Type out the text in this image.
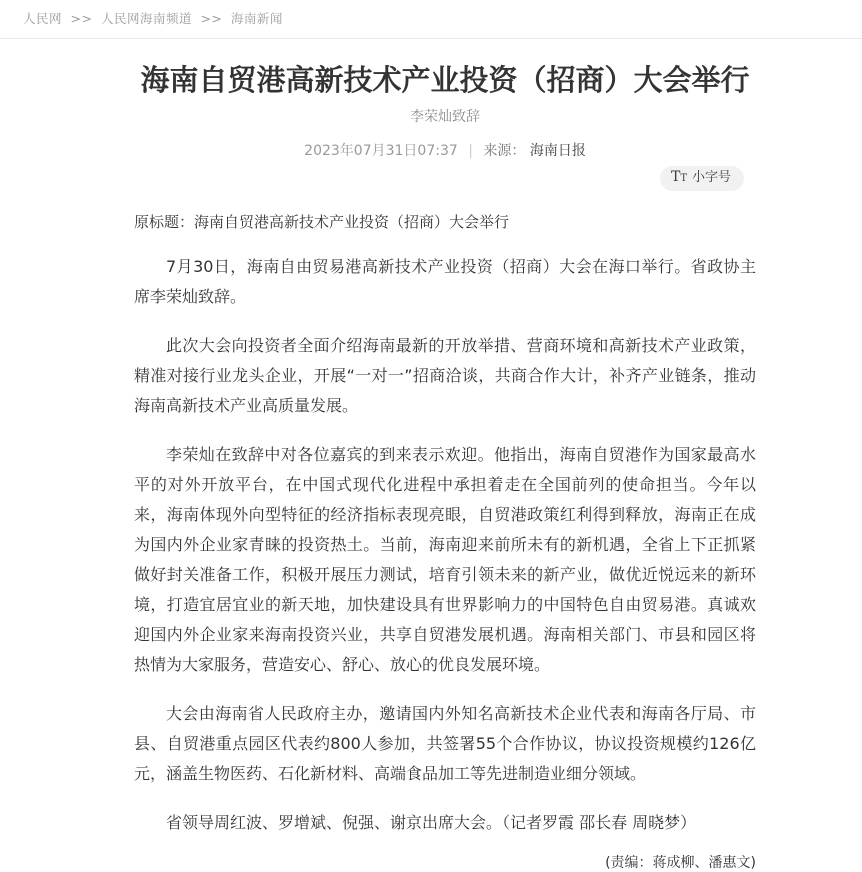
人民网 >> 人民网海南频道 >> 海南新闻
海南自贸港高新技术产业投资（招商）大会举行
李荣灿致辞
2023年07月31日07:37 | 来源： 海南日报
TT 小字号
原标题：海南自贸港高新技术产业投资（招商）大会举行

7月30日，海南自由贸易港高新技术产业投资（招商）大会在海口举行。省政协主席李荣灿致辞。

此次大会向投资者全面介绍海南最新的开放举措、营商环境和高新技术产业政策，精准对接行业龙头企业，开展“一对一”招商洽谈，共商合作大计，补齐产业链条，推动海南高新技术产业高质量发展。

李荣灿在致辞中对各位嘉宾的到来表示欢迎。他指出，海南自贸港作为国家最高水平的对外开放平台，在中国式现代化进程中承担着走在全国前列的使命担当。今年以来，海南体现外向型特征的经济指标表现亮眼，自贸港政策红利得到释放，海南正在成为国内外企业家青睐的投资热土。当前，海南迎来前所未有的新机遇，全省上下正抓紧做好封关准备工作，积极开展压力测试，培育引领未来的新产业，做优近悦远来的新环境，打造宜居宜业的新天地，加快建设具有世界影响力的中国特色自由贸易港。真诚欢迎国内外企业家来海南投资兴业，共享自贸港发展机遇。海南相关部门、市县和园区将热情为大家服务，营造安心、舒心、放心的优良发展环境。

大会由海南省人民政府主办，邀请国内外知名高新技术企业代表和海南各厅局、市县、自贸港重点园区代表约800人参加，共签署55个合作协议，协议投资规模约126亿元，涵盖生物医药、石化新材料、高端食品加工等先进制造业细分领域。

省领导周红波、罗增斌、倪强、谢京出席大会。（记者罗霞 邵长春 周晓梦）

(责编：蒋成柳、潘惠文)
